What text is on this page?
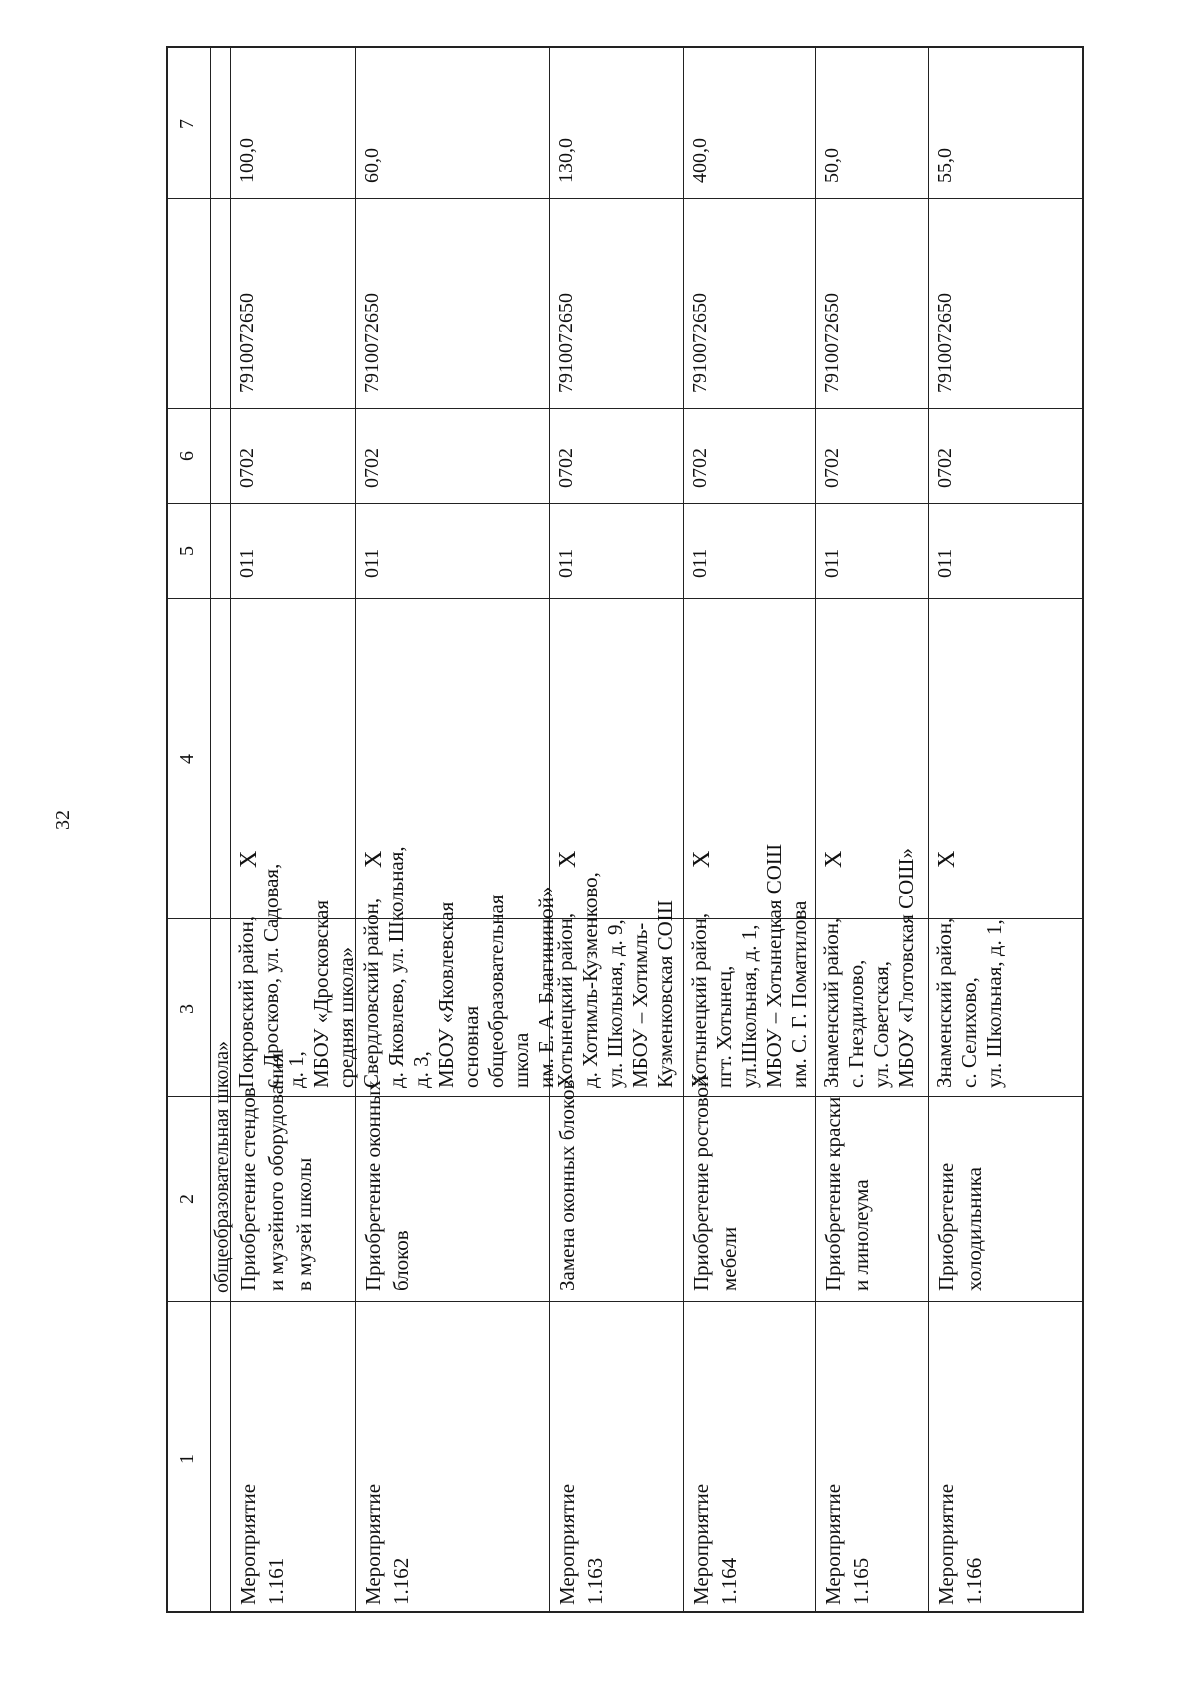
32
1
2
3
4
5
6
7
общеобразовательная школа»
Мероприятие 1.161
Приобретение стендов и музейного оборудования в музей школы
Покровский район, с. Дросково, ул. Садовая, д. 1, МБОУ «Дросковская средняя школа»
X
011
0702
7910072650
100,0
Мероприятие 1.162
Приобретение оконных блоков
Свердловский район, д. Яковлево, ул. Школьная, д. 3, МБОУ «Яковлевская основная общеобразовательная школа им. Е. А. Благининой»
X
011
0702
7910072650
60,0
Мероприятие 1.163
Замена оконных блоков
Хотынецкий район, д. Хотимль-Кузменково, ул. Школьная, д. 9, МБОУ – Хотимль- Кузменковская СОШ
X
011
0702
7910072650
130,0
Мероприятие 1.164
Приобретение ростовой мебели
Хотынецкий район, пгт. Хотынец, ул.Школьная, д. 1, МБОУ – Хотынецкая СОШ им. С. Г. Поматилова
X
011
0702
7910072650
400,0
Мероприятие 1.165
Приобретение краски и линолеума
Знаменский район, с. Гнездилово, ул. Советская, МБОУ «Глотовская СОШ»
X
011
0702
7910072650
50,0
Мероприятие 1.166
Приобретение холодильника
Знаменский район, с. Селихово, ул. Школьная, д. 1,
X
011
0702
7910072650
55,0
